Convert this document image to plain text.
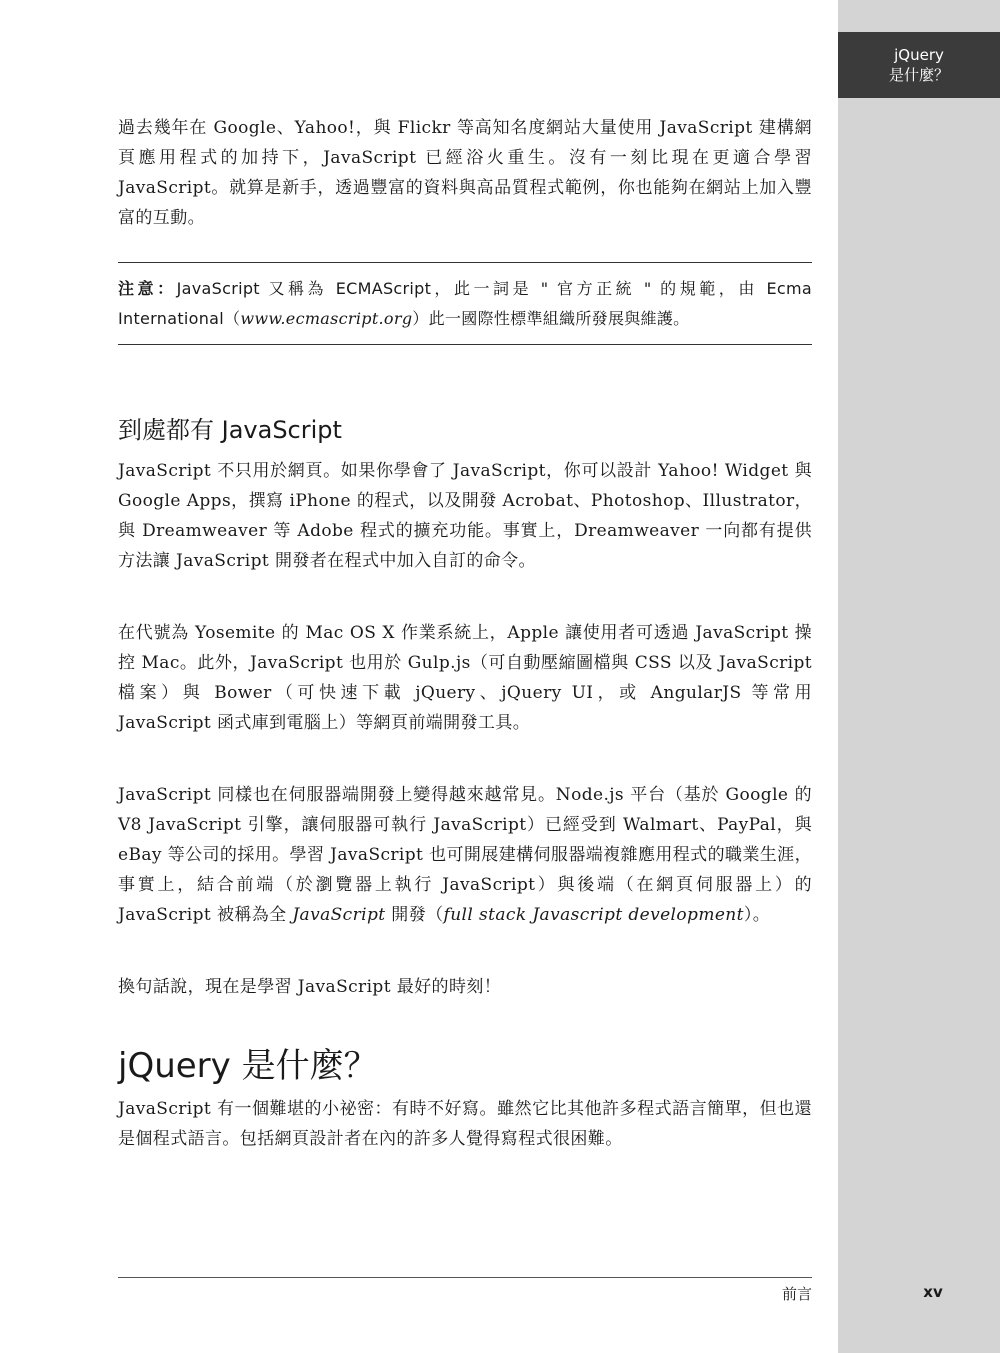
jQuery
是什麼？

過去幾年在 Google、Yahoo!，與 Flickr 等高知名度網站大量使用 JavaScript 建構網頁應用程式的加持下，JavaScript 已經浴火重生。沒有一刻比現在更適合學習 JavaScript。就算是新手，透過豐富的資料與高品質程式範例，你也能夠在網站上加入豐富的互動。

注意：JavaScript 又稱為 ECMAScript，此一詞是 " 官方正統 " 的規範，由 Ecma International（www.ecmascript.org）此一國際性標準組織所發展與維護。

到處都有 JavaScript

JavaScript 不只用於網頁。如果你學會了 JavaScript，你可以設計 Yahoo! Widget 與 Google Apps，撰寫 iPhone 的程式，以及開發 Acrobat、Photoshop、Illustrator，與 Dreamweaver 等 Adobe 程式的擴充功能。事實上，Dreamweaver 一向都有提供方法讓 JavaScript 開發者在程式中加入自訂的命令。

在代號為 Yosemite 的 Mac OS X 作業系統上，Apple 讓使用者可透過 JavaScript 操控 Mac。此外，JavaScript 也用於 Gulp.js（可自動壓縮圖檔與 CSS 以及 JavaScript 檔案）與 Bower（可快速下載 jQuery、jQuery UI，或 AngularJS 等常用 JavaScript 函式庫到電腦上）等網頁前端開發工具。

JavaScript 同樣也在伺服器端開發上變得越來越常見。Node.js 平台（基於 Google 的 V8 JavaScript 引擎，讓伺服器可執行 JavaScript）已經受到 Walmart、PayPal，與 eBay 等公司的採用。學習 JavaScript 也可開展建構伺服器端複雜應用程式的職業生涯，事實上，結合前端（於瀏覽器上執行 JavaScript）與後端（在網頁伺服器上）的 JavaScript 被稱為全 JavaScript 開發（full stack Javascript development）。

換句話說，現在是學習 JavaScript 最好的時刻！

jQuery 是什麼？

JavaScript 有一個難堪的小祕密：有時不好寫。雖然它比其他許多程式語言簡單，但也還是個程式語言。包括網頁設計者在內的許多人覺得寫程式很困難。

前言	xv
